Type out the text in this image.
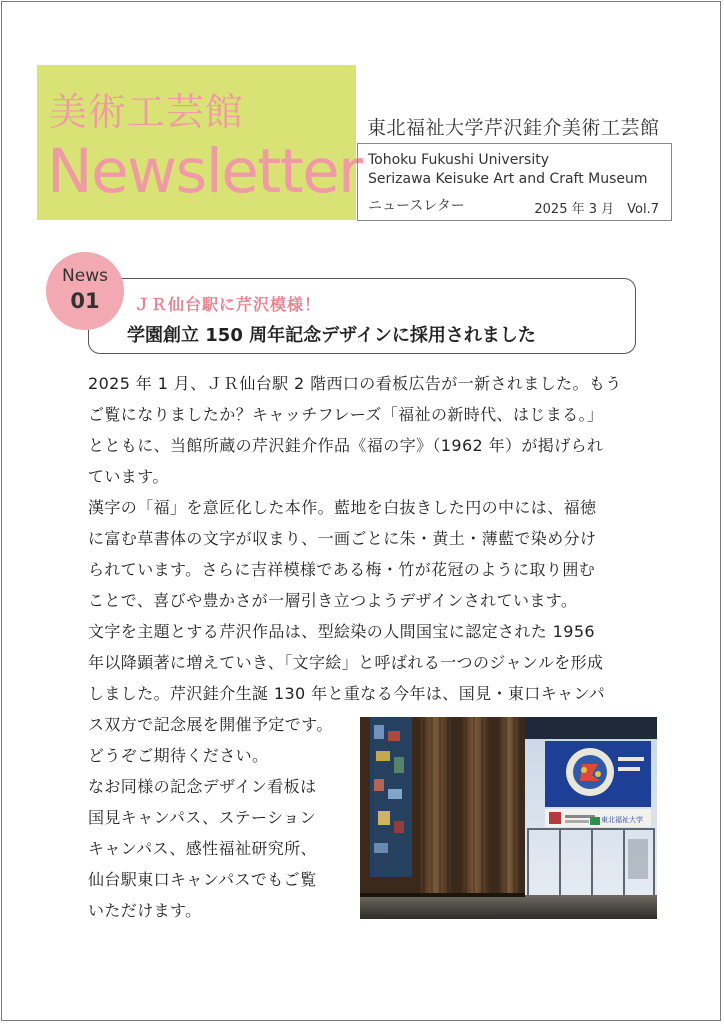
美術工芸館
Newsletter
東北福祉大学芹沢銈介美術工芸館
Tohoku Fukushi University
Serizawa Keisuke Art and Craft Museum
ニュースレター	2025 年 3 月　Vol.7
ＪＲ仙台駅に芹沢模様！
学園創立 150 周年記念デザインに採用されました
News
01
2025 年 1 月、ＪＲ仙台駅 2 階西口の看板広告が一新されました。もう
ご覧になりましたか？キャッチフレーズ「福祉の新時代、はじまる。」
とともに、当館所蔵の芹沢銈介作品《福の字》（1962 年）が掲げられ
ています。
漢字の「福」を意匠化した本作。藍地を白抜きした円の中には、福徳
に富む草書体の文字が収まり、一画ごとに朱・黄土・薄藍で染め分け
られています。さらに吉祥模様である梅・竹が花冠のように取り囲む
ことで、喜びや豊かさが一層引き立つようデザインされています。
文字を主題とする芹沢作品は、型絵染の人間国宝に認定された 1956
年以降顕著に増えていき、「文字絵」と呼ばれる一つのジャンルを形成
しました。芹沢銈介生誕 130 年と重なる今年は、国見・東口キャンパ
ス双方で記念展を開催予定です。
どうぞご期待ください。
なお同様の記念デザイン看板は
国見キャンパス、ステーション
キャンパス、感性福祉研究所、
仙台駅東口キャンパスでもご覧
いただけます。
東北福祉大学
